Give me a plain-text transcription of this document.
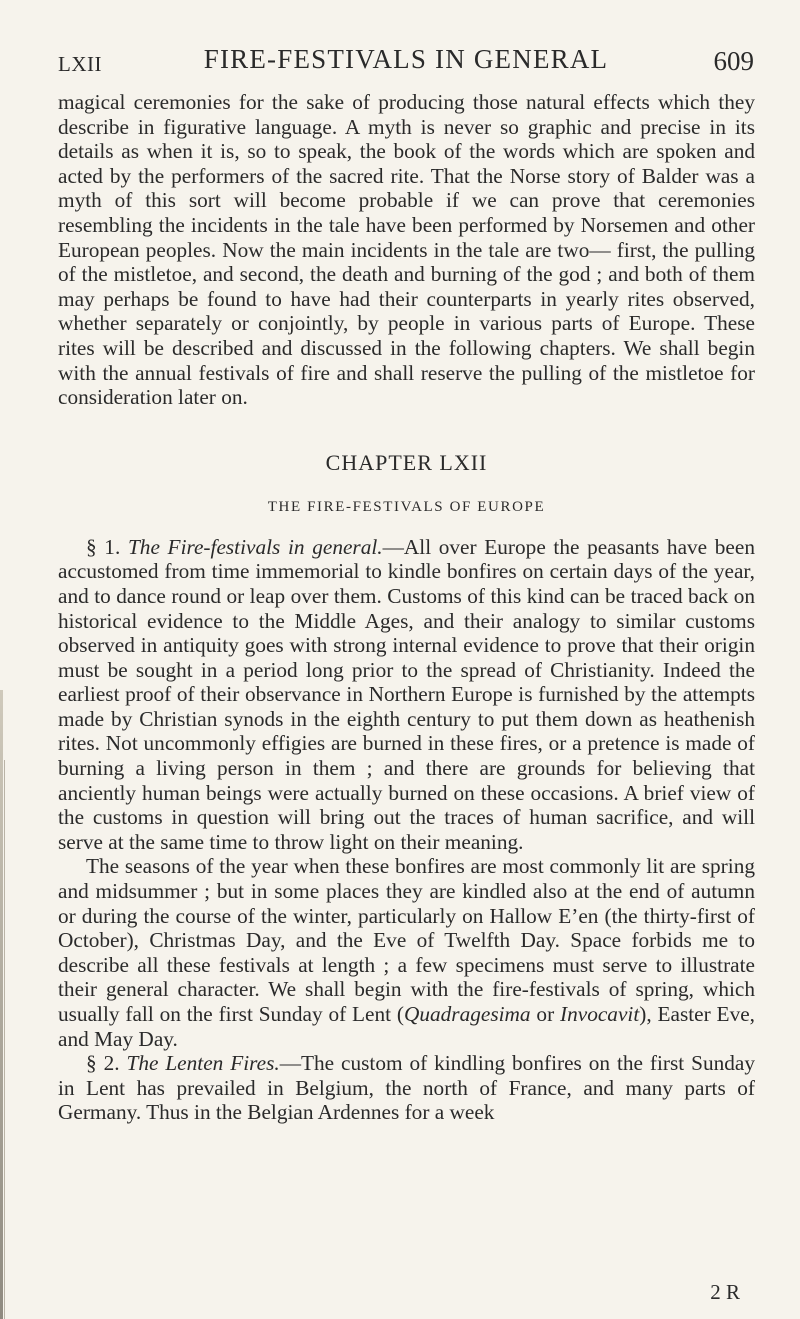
LXII	FIRE-FESTIVALS IN GENERAL	609

magical ceremonies for the sake of producing those natural effects which they describe in figurative language. A myth is never so graphic and precise in its details as when it is, so to speak, the book of the words which are spoken and acted by the performers of the sacred rite. That the Norse story of Balder was a myth of this sort will become probable if we can prove that ceremonies resembling the incidents in the tale have been performed by Norsemen and other European peoples. Now the main incidents in the tale are two— first, the pulling of the mistletoe, and second, the death and burning of the god ; and both of them may perhaps be found to have had their counterparts in yearly rites observed, whether separately or conjointly, by people in various parts of Europe. These rites will be described and discussed in the following chapters. We shall begin with the annual festivals of fire and shall reserve the pulling of the mistletoe for consideration later on.

CHAPTER LXII
THE FIRE-FESTIVALS OF EUROPE

§ 1. The Fire-festivals in general.—All over Europe the peasants have been accustomed from time immemorial to kindle bonfires on certain days of the year, and to dance round or leap over them. Customs of this kind can be traced back on historical evidence to the Middle Ages, and their analogy to similar customs observed in antiquity goes with strong internal evidence to prove that their origin must be sought in a period long prior to the spread of Christianity. Indeed the earliest proof of their observance in Northern Europe is furnished by the attempts made by Christian synods in the eighth century to put them down as heathenish rites. Not uncommonly effigies are burned in these fires, or a pretence is made of burning a living person in them ; and there are grounds for believing that anciently human beings were actually burned on these occasions. A brief view of the customs in question will bring out the traces of human sacrifice, and will serve at the same time to throw light on their meaning.

The seasons of the year when these bonfires are most commonly lit are spring and midsummer ; but in some places they are kindled also at the end of autumn or during the course of the winter, particularly on Hallow E’en (the thirty-first of October), Christmas Day, and the Eve of Twelfth Day. Space forbids me to describe all these festivals at length ; a few specimens must serve to illustrate their general character. We shall begin with the fire-festivals of spring, which usually fall on the first Sunday of Lent (Quadragesima or Invocavit), Easter Eve, and May Day.

§ 2. The Lenten Fires.—The custom of kindling bonfires on the first Sunday in Lent has prevailed in Belgium, the north of France, and many parts of Germany. Thus in the Belgian Ardennes for a week

2 R
